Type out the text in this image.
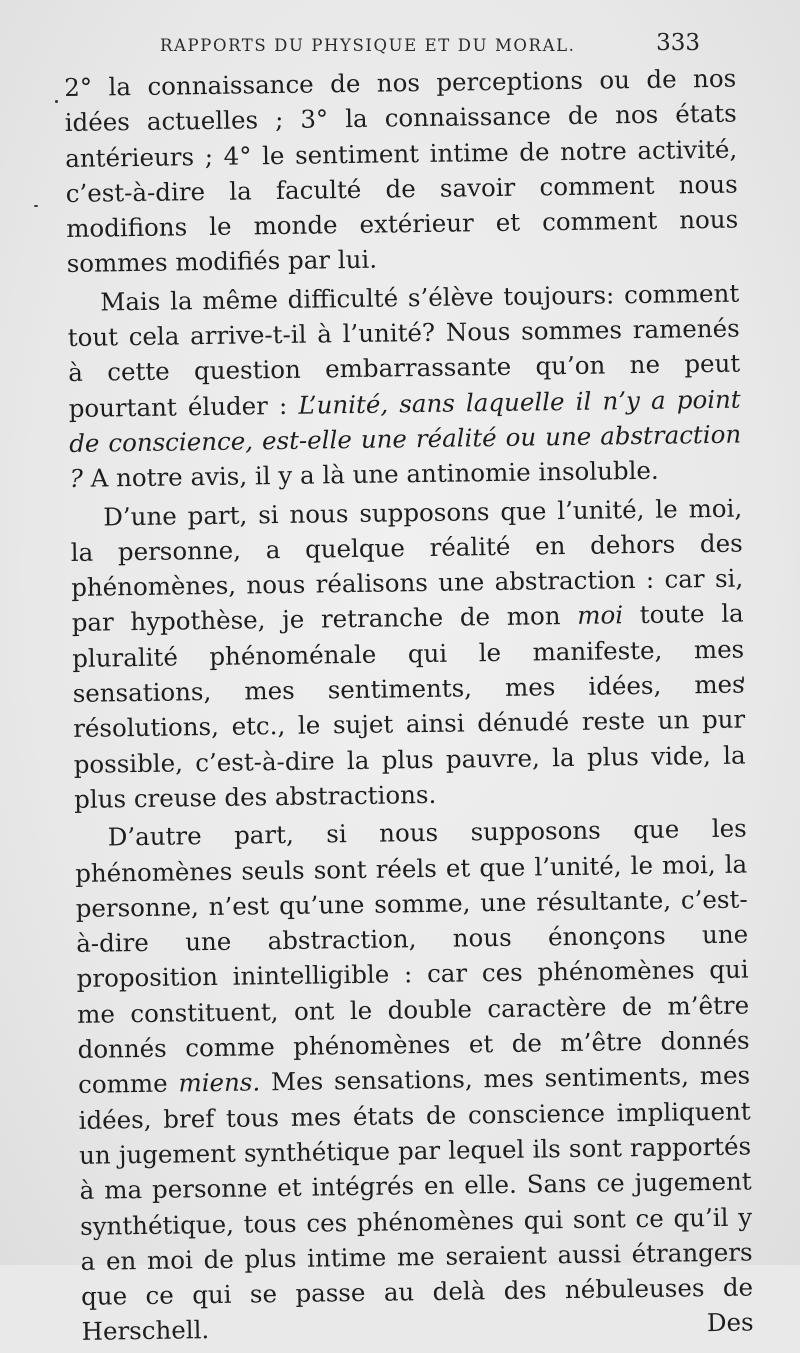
RAPPORTS DU PHYSIQUE ET DU MORAL.	333

2° la connaissance de nos perceptions ou de nos idées actuelles ; 3° la connaissance de nos états antérieurs ; 4° le sentiment intime de notre activité, c’est-à-dire la faculté de savoir comment nous modifions le monde extérieur et comment nous sommes modifiés par lui.

Mais la même difficulté s’élève toujours: comment tout cela arrive-t-il à l’unité? Nous sommes ramenés à cette question embarrassante qu’on ne peut pourtant éluder : L’unité, sans laquelle il n’y a point de conscience, est-elle une réalité ou une abstraction ? A notre avis, il y a là une antinomie insoluble.

D’une part, si nous supposons que l’unité, le moi, la personne, a quelque réalité en dehors des phénomènes, nous réalisons une abstraction : car si, par hypothèse, je retranche de mon moi toute la pluralité phénoménale qui le manifeste, mes sensations, mes sentiments, mes idées, mes résolutions, etc., le sujet ainsi dénudé reste un pur possible, c’est-à-dire la plus pauvre, la plus vide, la plus creuse des abstractions.

D’autre part, si nous supposons que les phénomènes seuls sont réels et que l’unité, le moi, la personne, n’est qu’une somme, une résultante, c’est-à-dire une abstraction, nous énonçons une proposition inintelligible : car ces phénomènes qui me constituent, ont le double caractère de m’être donnés comme phénomènes et de m’être donnés comme miens. Mes sensations, mes sentiments, mes idées, bref tous mes états de conscience impliquent un jugement synthétique par lequel ils sont rapportés à ma personne et intégrés en elle. Sans ce jugement synthétique, tous ces phénomènes qui sont ce qu’il y a en moi de plus intime me seraient aussi étrangers que ce qui se passe au delà des nébuleuses de Herschell. Des
